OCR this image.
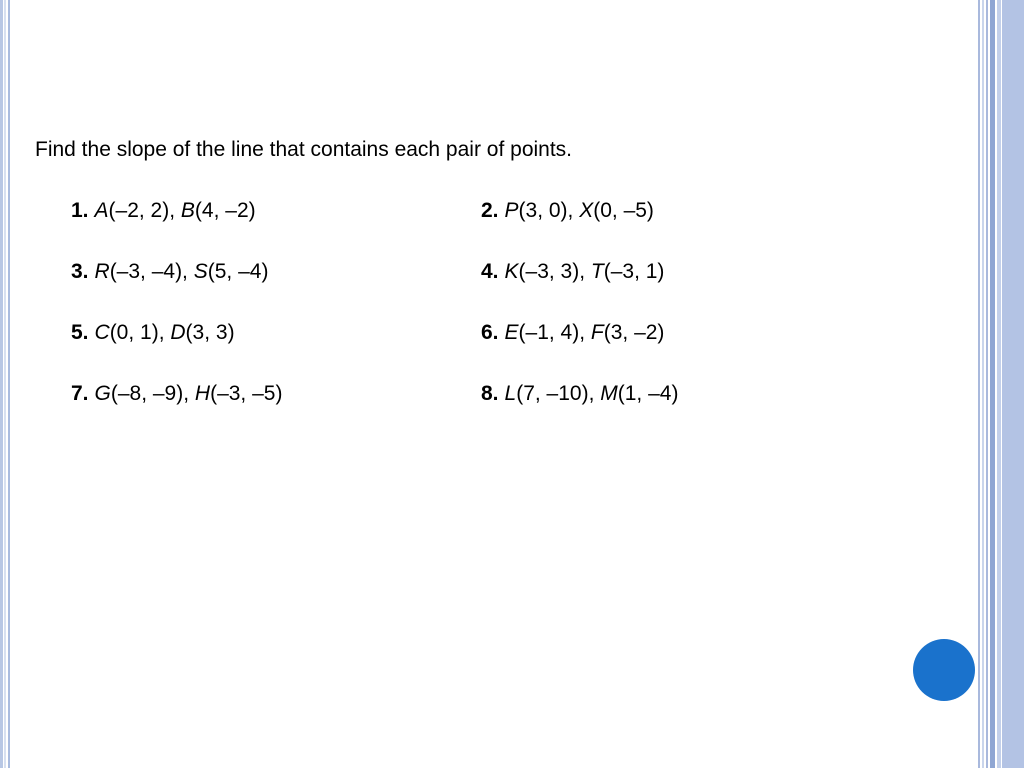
Find the slope of the line that contains each pair of points.
1. A(–2, 2), B(4, –2)	2. P(3, 0), X(0, –5)
3. R(–3, –4), S(5, –4)	4. K(–3, 3), T(–3, 1)
5. C(0, 1), D(3, 3)	6. E(–1, 4), F(3, –2)
7. G(–8, –9), H(–3, –5)	8. L(7, –10), M(1, –4)
